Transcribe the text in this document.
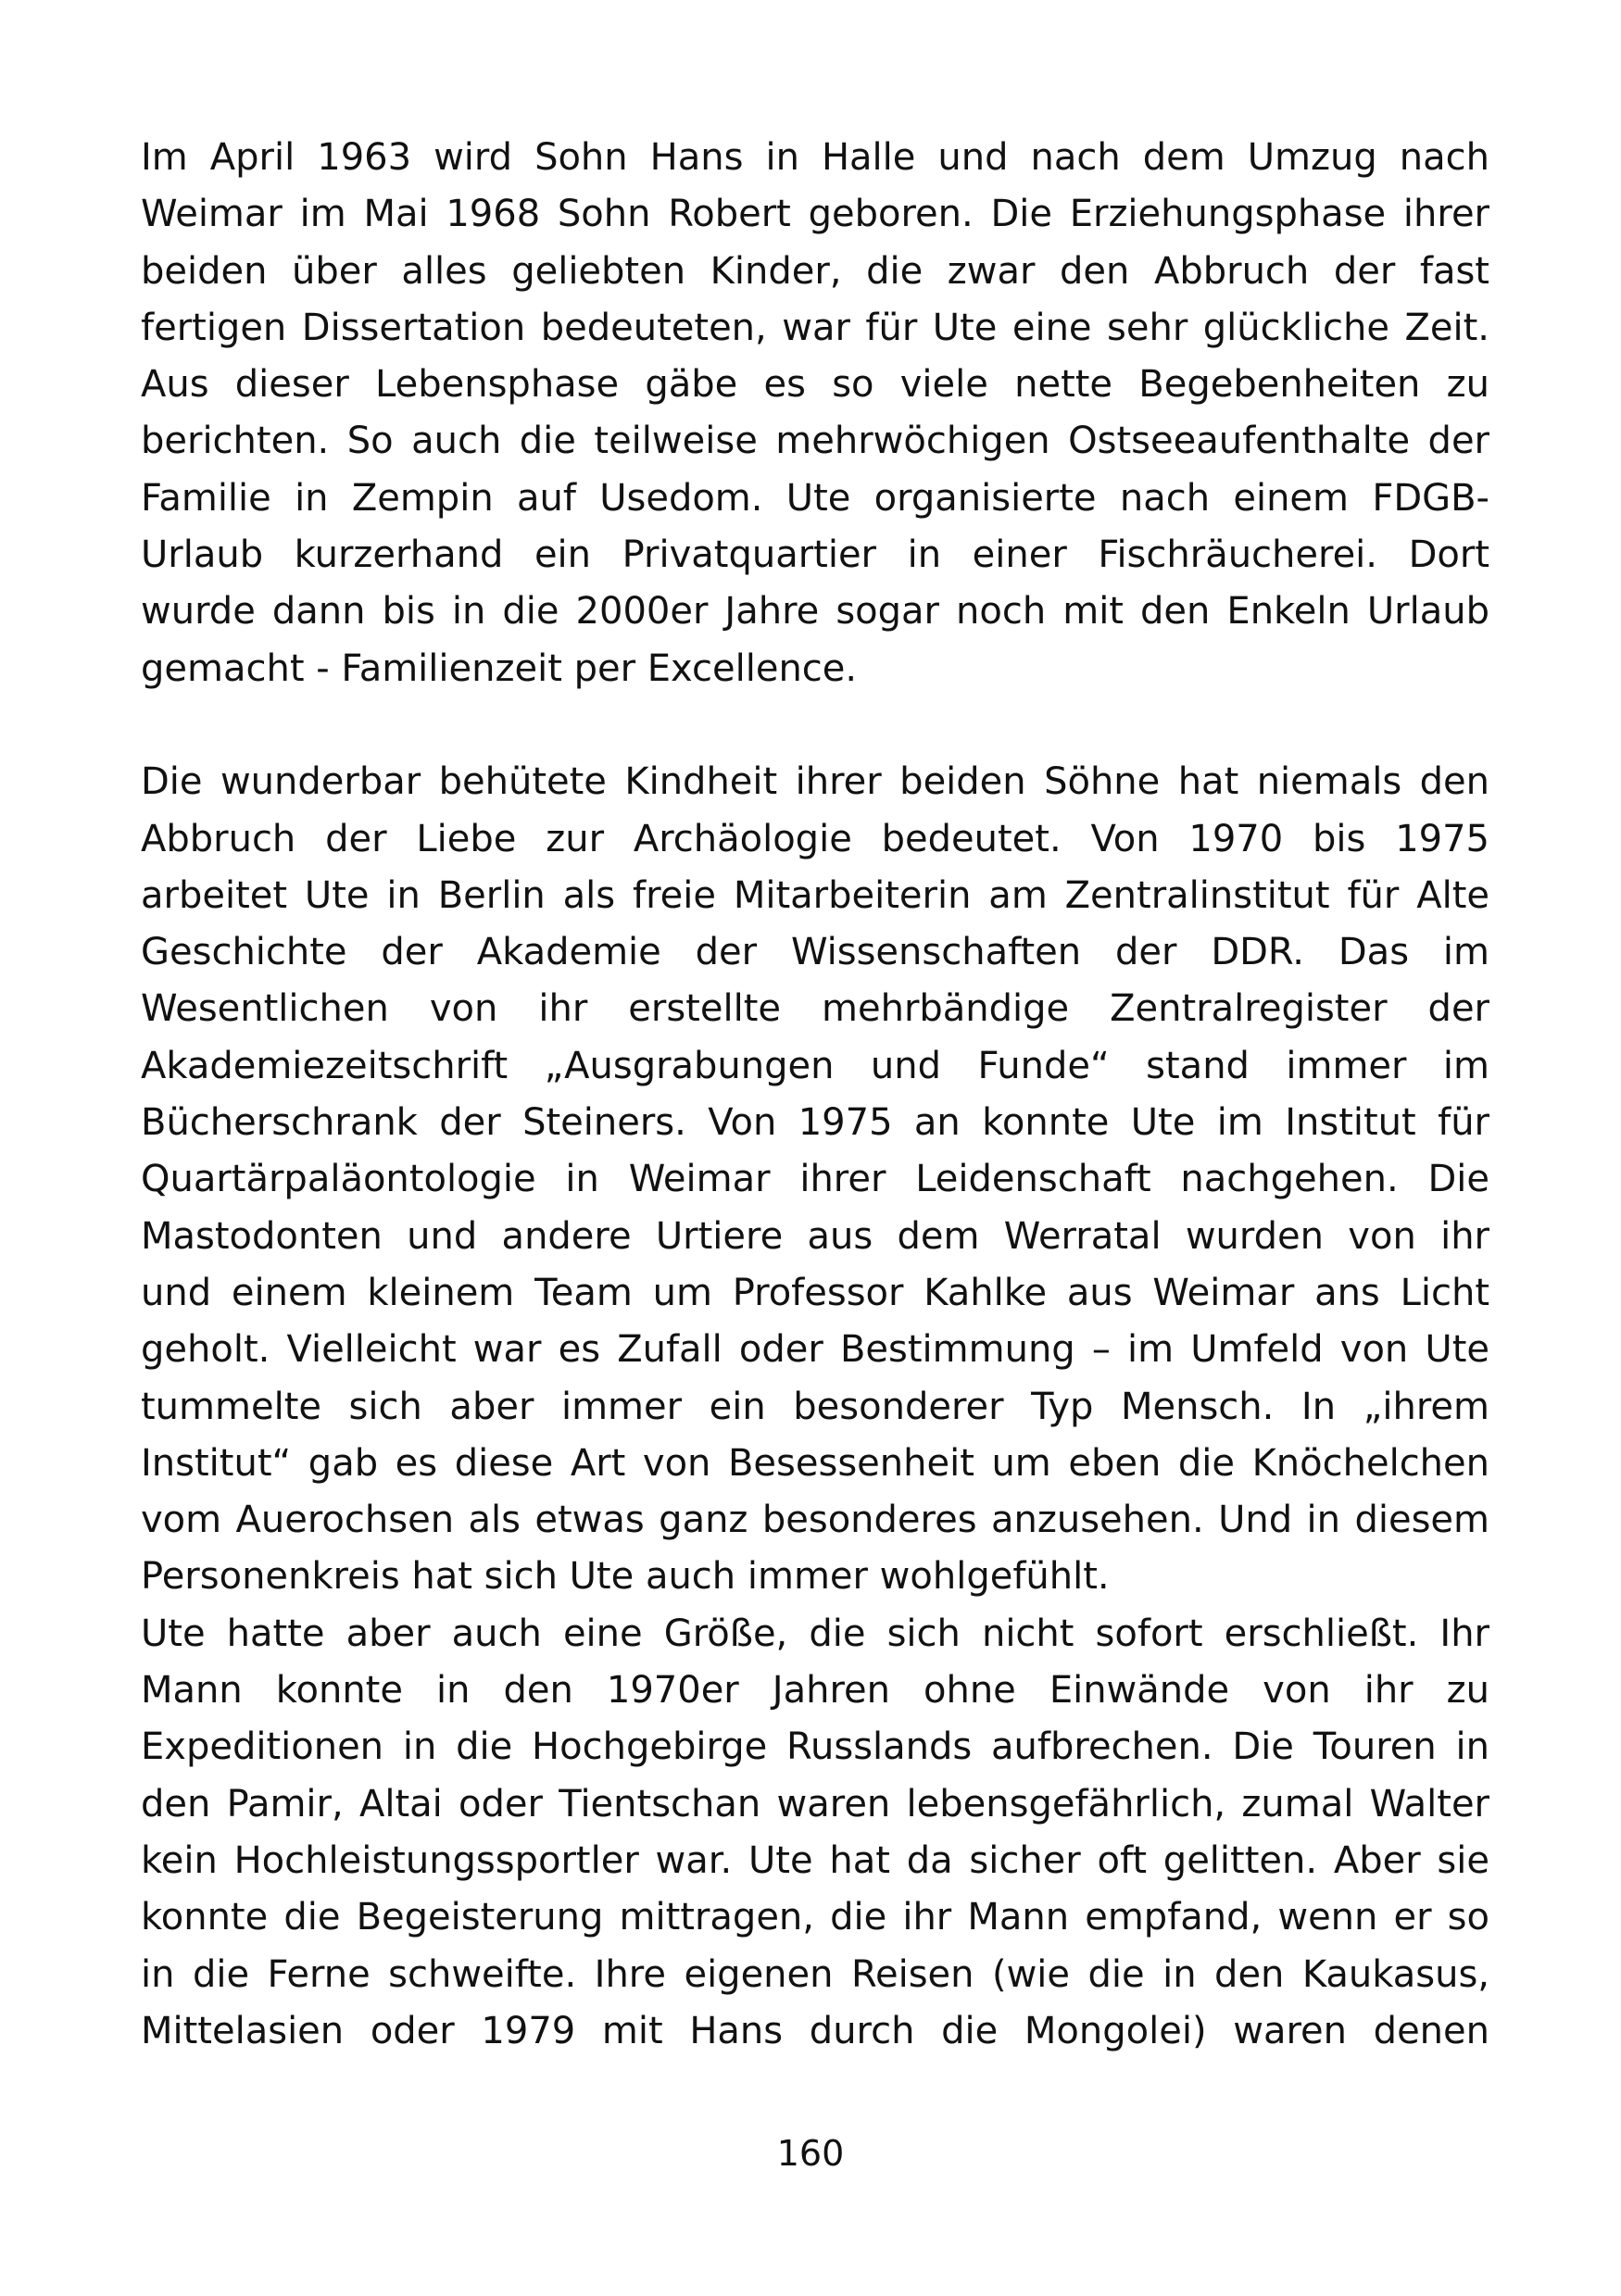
Im April 1963 wird Sohn Hans in Halle und nach dem Umzug nach
Weimar im Mai 1968 Sohn Robert geboren. Die Erziehungsphase ihrer
beiden über alles geliebten Kinder, die zwar den Abbruch der fast
fertigen Dissertation bedeuteten, war für Ute eine sehr glückliche Zeit.
Aus dieser Lebensphase gäbe es so viele nette Begebenheiten zu
berichten. So auch die teilweise mehrwöchigen Ostseeaufenthalte der
Familie in Zempin auf Usedom. Ute organisierte nach einem FDGB-
Urlaub kurzerhand ein Privatquartier in einer Fischräucherei. Dort
wurde dann bis in die 2000er Jahre sogar noch mit den Enkeln Urlaub
gemacht - Familienzeit per Excellence.
Die wunderbar behütete Kindheit ihrer beiden Söhne hat niemals den
Abbruch der Liebe zur Archäologie bedeutet. Von 1970 bis 1975
arbeitet Ute in Berlin als freie Mitarbeiterin am Zentralinstitut für Alte
Geschichte der Akademie der Wissenschaften der DDR. Das im
Wesentlichen von ihr erstellte mehrbändige Zentralregister der
Akademiezeitschrift „Ausgrabungen und Funde“ stand immer im
Bücherschrank der Steiners. Von 1975 an konnte Ute im Institut für
Quartärpaläontologie in Weimar ihrer Leidenschaft nachgehen. Die
Mastodonten und andere Urtiere aus dem Werratal wurden von ihr
und einem kleinem Team um Professor Kahlke aus Weimar ans Licht
geholt. Vielleicht war es Zufall oder Bestimmung – im Umfeld von Ute
tummelte sich aber immer ein besonderer Typ Mensch. In „ihrem
Institut“ gab es diese Art von Besessenheit um eben die Knöchelchen
vom Auerochsen als etwas ganz besonderes anzusehen. Und in diesem
Personenkreis hat sich Ute auch immer wohlgefühlt.
Ute hatte aber auch eine Größe, die sich nicht sofort erschließt. Ihr
Mann konnte in den 1970er Jahren ohne Einwände von ihr zu
Expeditionen in die Hochgebirge Russlands aufbrechen. Die Touren in
den Pamir, Altai oder Tientschan waren lebensgefährlich, zumal Walter
kein Hochleistungssportler war. Ute hat da sicher oft gelitten. Aber sie
konnte die Begeisterung mittragen, die ihr Mann empfand, wenn er so
in die Ferne schweifte. Ihre eigenen Reisen (wie die in den Kaukasus,
Mittelasien oder 1979 mit Hans durch die Mongolei) waren denen
160
